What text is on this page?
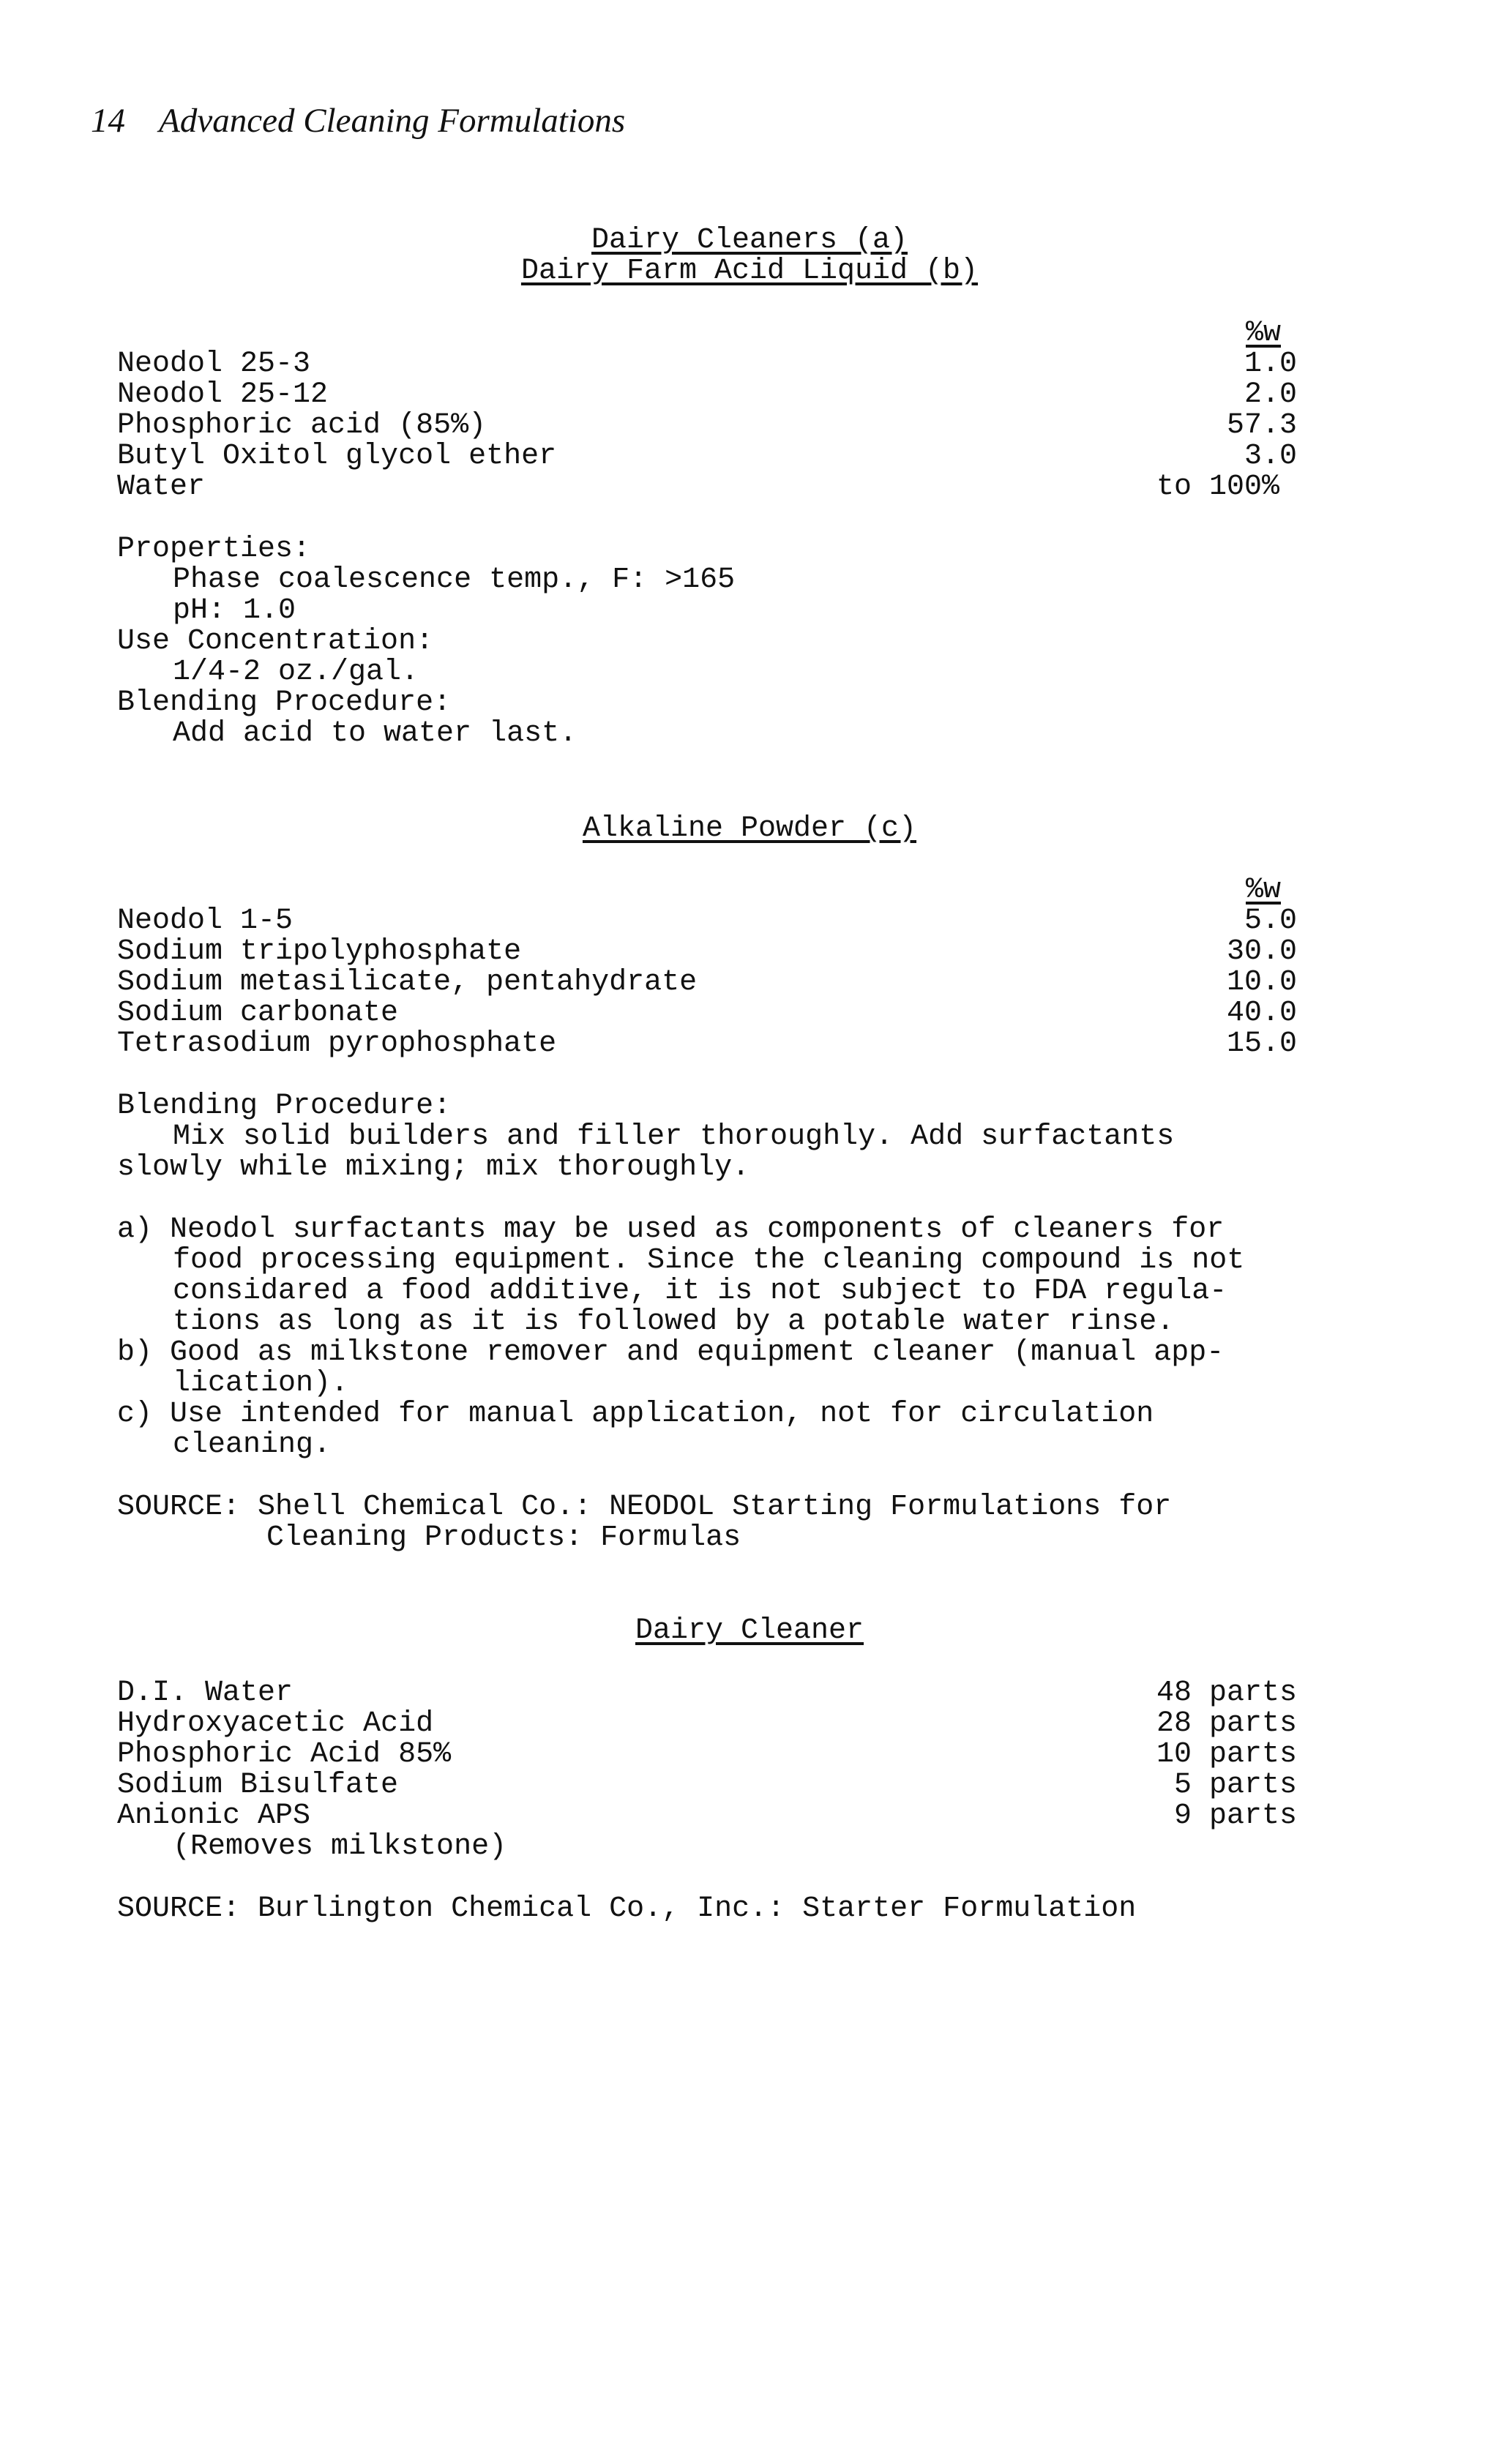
14 Advanced Cleaning Formulations
Dairy Cleaners (a)
Dairy Farm Acid Liquid (b)
%w

Neodol 25-3

	1.0

Neodol 25-12

	2.0

Phosphoric acid (85%)

	57.3

Butyl Oxitol glycol ether

	3.0

Water

	to 100%

Properties:
Phase coalescence temp., F: >165
pH: 1.0
Use Concentration:
1/4-2 oz./gal.
Blending Procedure:
Add acid to water last.
Alkaline Powder (c)
%w

Neodol 1-5

	5.0

Sodium tripolyphosphate

	30.0

Sodium metasilicate, pentahydrate

	10.0

Sodium carbonate

	40.0

Tetrasodium pyrophosphate

	15.0

Blending Procedure:
Mix solid builders and filler thoroughly. Add surfactants
slowly while mixing; mix thoroughly.
a) Neodol surfactants may be used as components of cleaners for
food processing equipment. Since the cleaning compound is not
considared a food additive, it is not subject to FDA regula-
tions as long as it is followed by a potable water rinse.
b) Good as milkstone remover and equipment cleaner (manual app-
lication).
c) Use intended for manual application, not for circulation
cleaning.
SOURCE: Shell Chemical Co.: NEODOL Starting Formulations for
Cleaning Products: Formulas
Dairy Cleaner

D.I. Water

	48 parts

Hydroxyacetic Acid

	28 parts

Phosphoric Acid 85%

	10 parts

Sodium Bisulfate

	5 parts

Anionic APS

	9 parts

(Removes milkstone)
SOURCE: Burlington Chemical Co., Inc.: Starter Formulation
